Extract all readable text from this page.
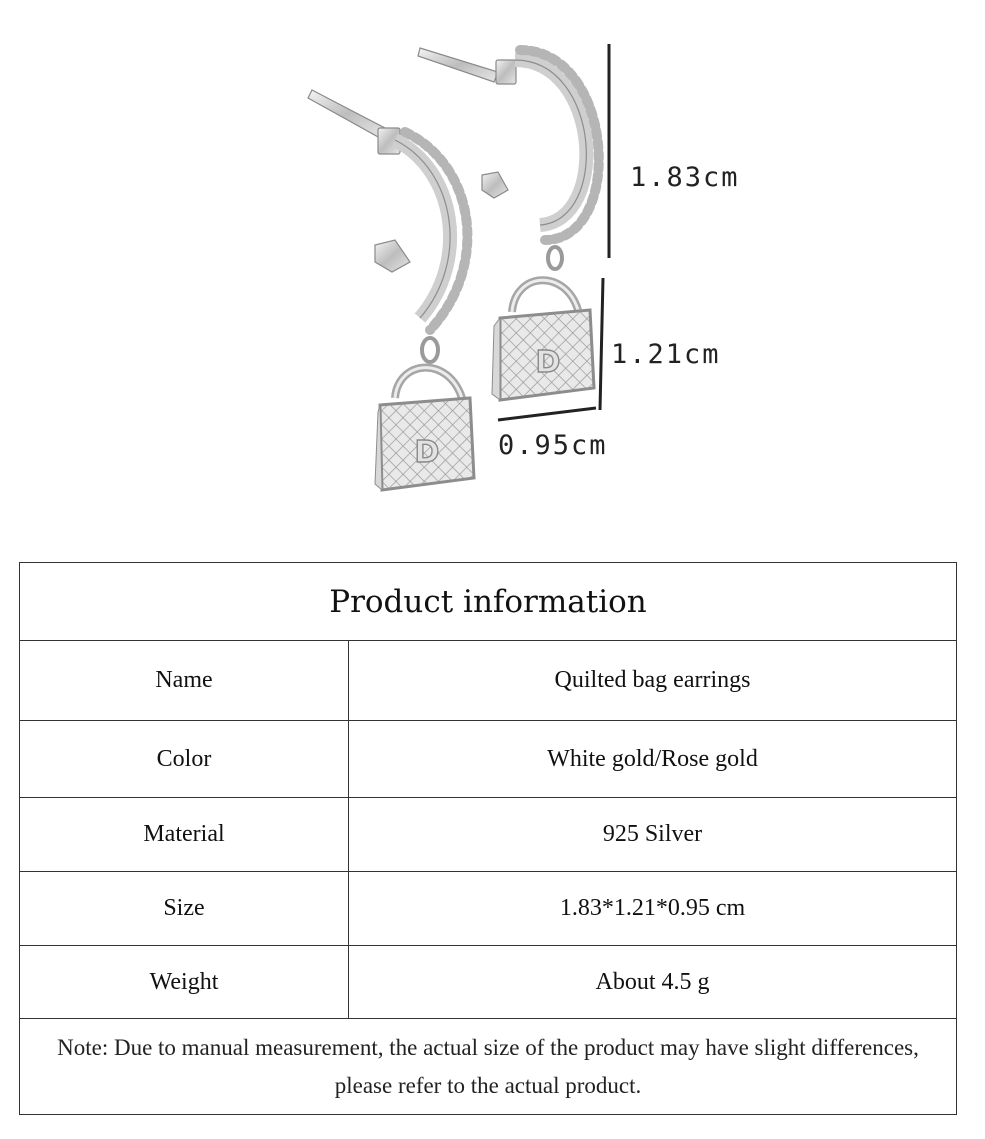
D
D
1.83cm
1.21cm
0.95cm
Product information
Name	Quilted bag earrings
Color	White gold/Rose gold
Material	925 Silver
Size	1.83*1.21*0.95 cm
Weight	About 4.5 g
Note: Due to manual measurement, the actual size of the product may have slight differences, please refer to the actual product.
